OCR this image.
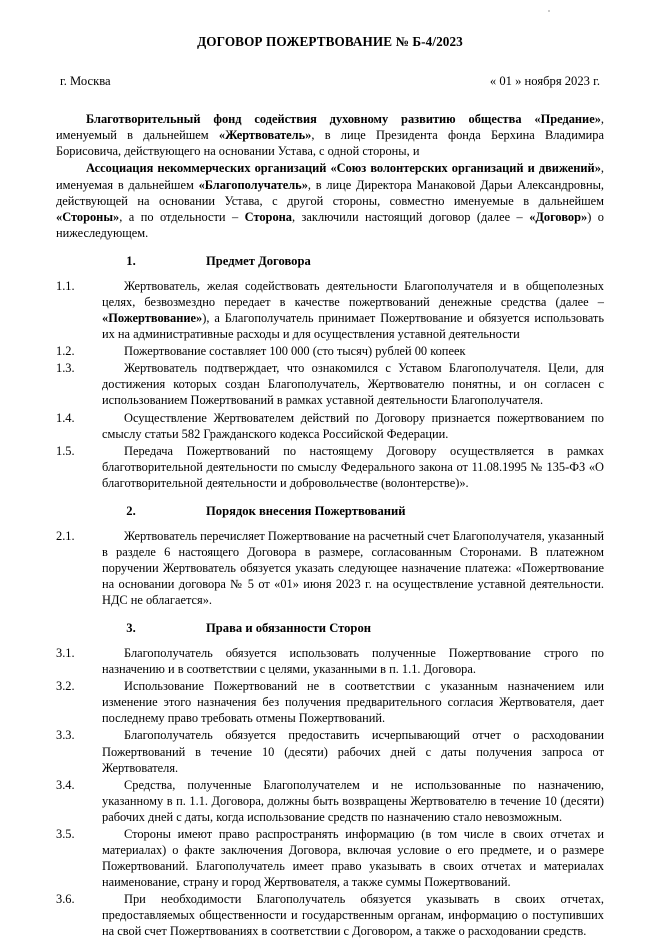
ДОГОВОР ПОЖЕРТВОВАНИЕ № Б-4/2023
г. Москва	« 01 » ноября 2023 г.
Благотворительный фонд содействия духовному развитию общества «Предание», именуемый в дальнейшем «Жертвователь», в лице Президента фонда Берхина Владимира Борисовича, действующего на основании Устава, с одной стороны, и
Ассоциация некоммерческих организаций «Союз волонтерских организаций и движений», именуемая в дальнейшем «Благополучатель», в лице Директора Манаковой Дарьи Александровны, действующей на основании Устава, с другой стороны, совместно именуемые в дальнейшем «Стороны», а по отдельности – Сторона, заключили настоящий договор (далее – «Договор») о нижеследующем.
1.	Предмет Договора
1.1.	Жертвователь, желая содействовать деятельности Благополучателя и в общеполезных целях, безвозмездно передает в качестве пожертвований денежные средства (далее – «Пожертвование»), а Благополучатель принимает Пожертвование и обязуется использовать их на административные расходы и для осуществления уставной деятельности
1.2.	Пожертвование составляет 100 000 (сто тысяч) рублей 00 копеек
1.3.	Жертвователь подтверждает, что ознакомился с Уставом Благополучателя. Цели, для достижения которых создан Благополучатель, Жертвователю понятны, и он согласен с использованием Пожертвований в рамках уставной деятельности Благополучателя.
1.4.	Осуществление Жертвователем действий по Договору признается пожертвованием по смыслу статьи 582 Гражданского кодекса Российской Федерации.
1.5.	Передача Пожертвований по настоящему Договору осуществляется в рамках благотворительной деятельности по смыслу Федерального закона от 11.08.1995 № 135-ФЗ «О благотворительной деятельности и добровольчестве (волонтерстве)».
2.	Порядок внесения Пожертвований
2.1.	Жертвователь перечисляет Пожертвование на расчетный счет Благополучателя, указанный в разделе 6 настоящего Договора в размере, согласованным Сторонами. В платежном поручении Жертвователь обязуется указать следующее назначение платежа: «Пожертвование на основании договора № 5 от «01» июня 2023 г. на осуществление уставной деятельности. НДС не облагается».
3.	Права и обязанности Сторон
3.1.	Благополучатель обязуется использовать полученные Пожертвование строго по назначению и в соответствии с целями, указанными в п. 1.1. Договора.
3.2.	Использование Пожертвований не в соответствии с указанным назначением или изменение этого назначения без получения предварительного согласия Жертвователя, дает последнему право требовать отмены Пожертвований.
3.3.	Благополучатель обязуется предоставить исчерпывающий отчет о расходовании Пожертвований в течение 10 (десяти) рабочих дней с даты получения запроса от Жертвователя.
3.4.	Средства, полученные Благополучателем и не использованные по назначению, указанному в п. 1.1. Договора, должны быть возвращены Жертвователю в течение 10 (десяти) рабочих дней с даты, когда использование средств по назначению стало невозможным.
3.5.	Стороны имеют право распространять информацию (в том числе в своих отчетах и материалах) о факте заключения Договора, включая условие о его предмете, и о размере Пожертвований. Благополучатель имеет право указывать в своих отчетах и материалах наименование, страну и город Жертвователя, а также суммы Пожертвований.
3.6.	При необходимости Благополучатель обязуется указывать в своих отчетах, предоставляемых общественности и государственным органам, информацию о поступивших на свой счет Пожертвованиях в соответствии с Договором, а также о расходовании средств.
